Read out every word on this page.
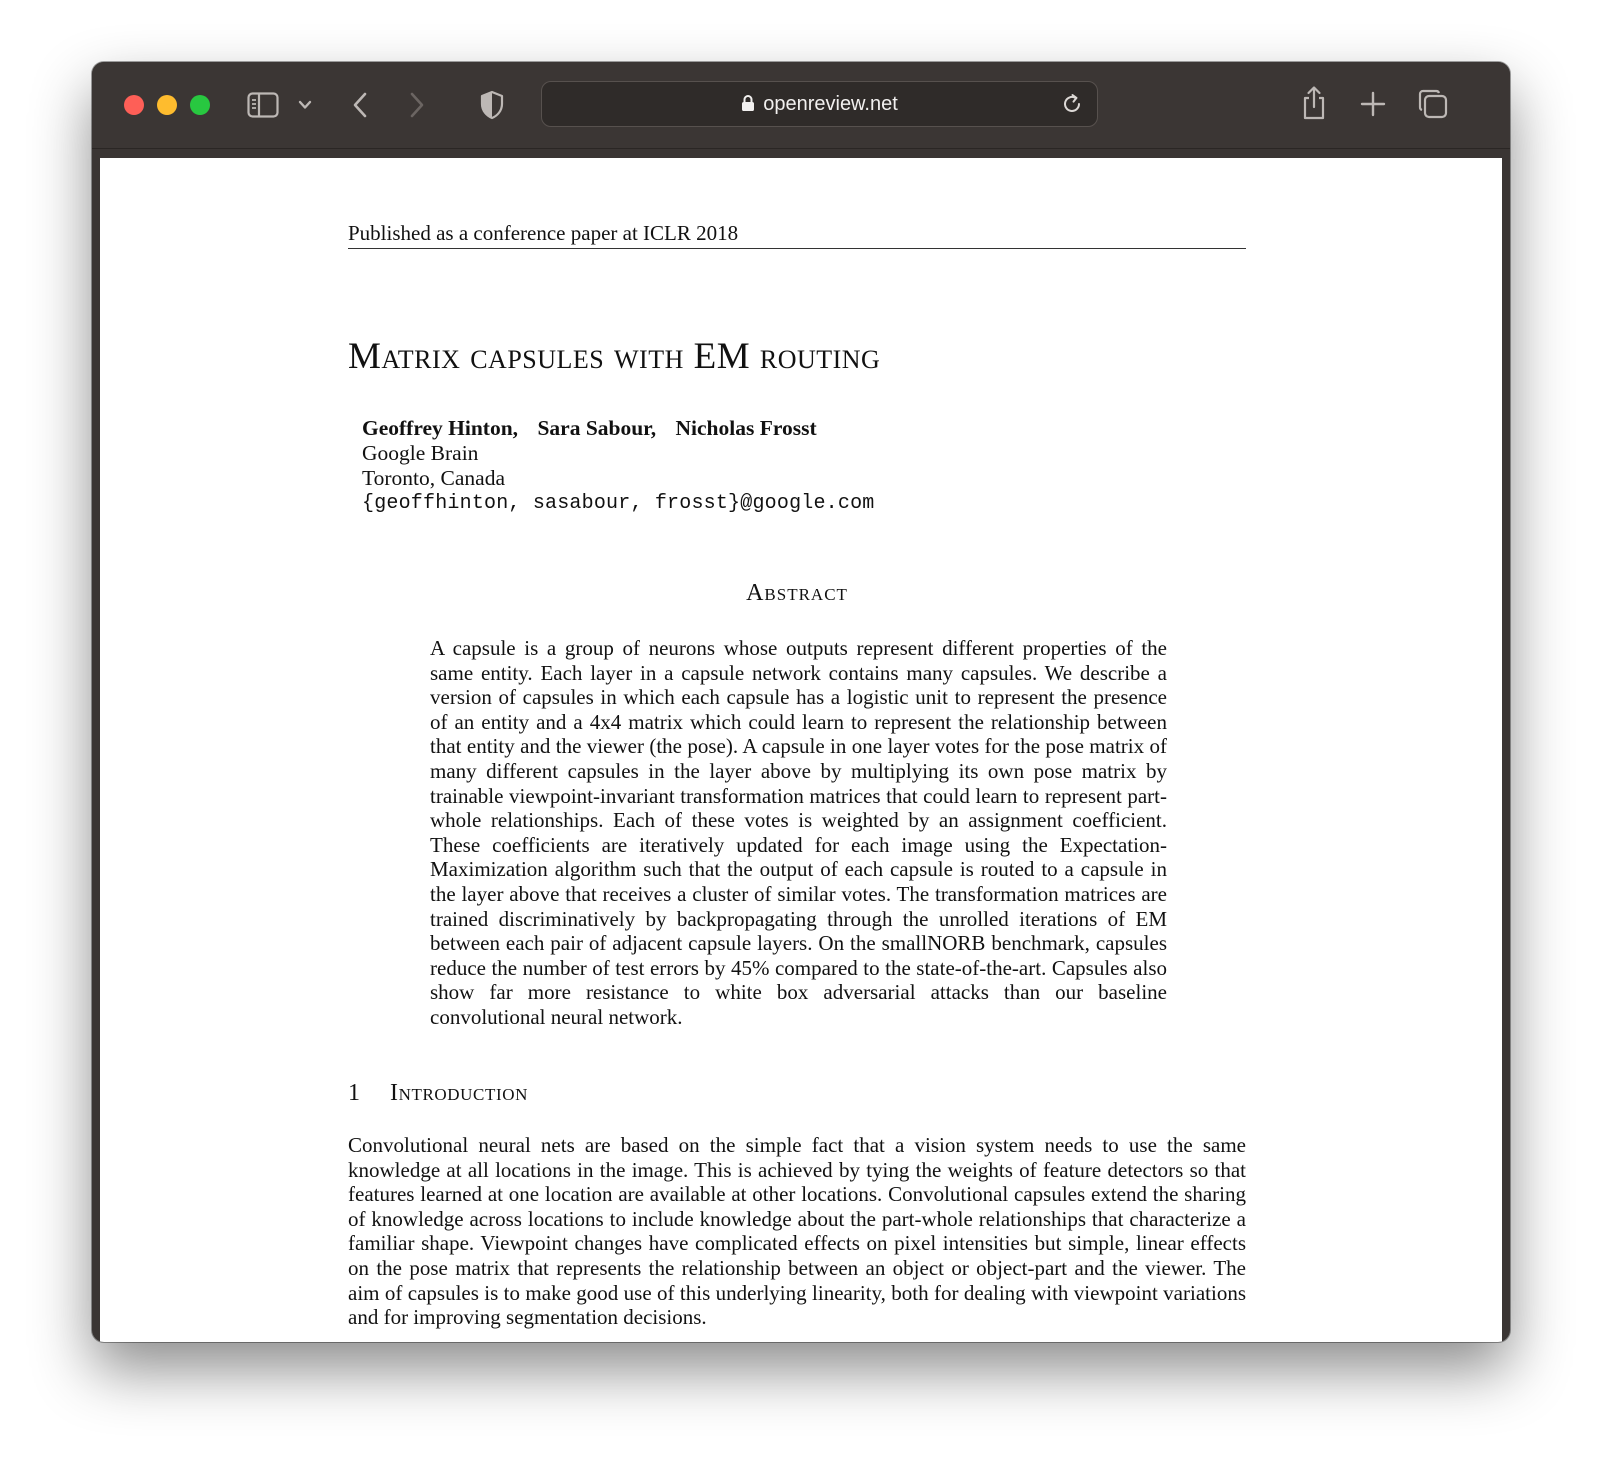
openreview.net
Published as a conference paper at ICLR 2018
Matrix capsules with EM routing
Geoffrey Hinton, Sara Sabour, Nicholas Frosst
Google Brain
Toronto, Canada
{geoffhinton, sasabour, frosst}@google.com
Abstract
A capsule is a group of neurons whose outputs represent different properties of the same entity. Each layer in a capsule network contains many capsules. We describe a version of capsules in which each capsule has a logistic unit to represent the presence of an entity and a 4x4 matrix which could learn to represent the relationship between that entity and the viewer (the pose). A capsule in one layer votes for the pose matrix of many different capsules in the layer above by multiplying its own pose matrix by trainable viewpoint-invariant transformation matrices that could learn to represent part-whole relationships. Each of these votes is weighted by an assignment coefficient. These coefficients are iteratively updated for each image using the Expectation-Maximization algorithm such that the output of each capsule is routed to a capsule in the layer above that receives a cluster of similar votes. The transformation matrices are trained discriminatively by backpropagating through the unrolled iterations of EM between each pair of adjacent capsule layers. On the smallNORB benchmark, capsules reduce the number of test errors by 45% compared to the state-of-the-art. Capsules also show far more resistance to white box adversarial attacks than our baseline convolutional neural network.
1 Introduction
Convolutional neural nets are based on the simple fact that a vision system needs to use the same knowledge at all locations in the image. This is achieved by tying the weights of feature detectors so that features learned at one location are available at other locations. Convolutional capsules extend the sharing of knowledge across locations to include knowledge about the part-whole relationships that characterize a familiar shape. Viewpoint changes have complicated effects on pixel intensities but simple, linear effects on the pose matrix that represents the relationship between an object or object-part and the viewer. The aim of capsules is to make good use of this underlying linearity, both for dealing with viewpoint variations and for improving segmentation decisions.
